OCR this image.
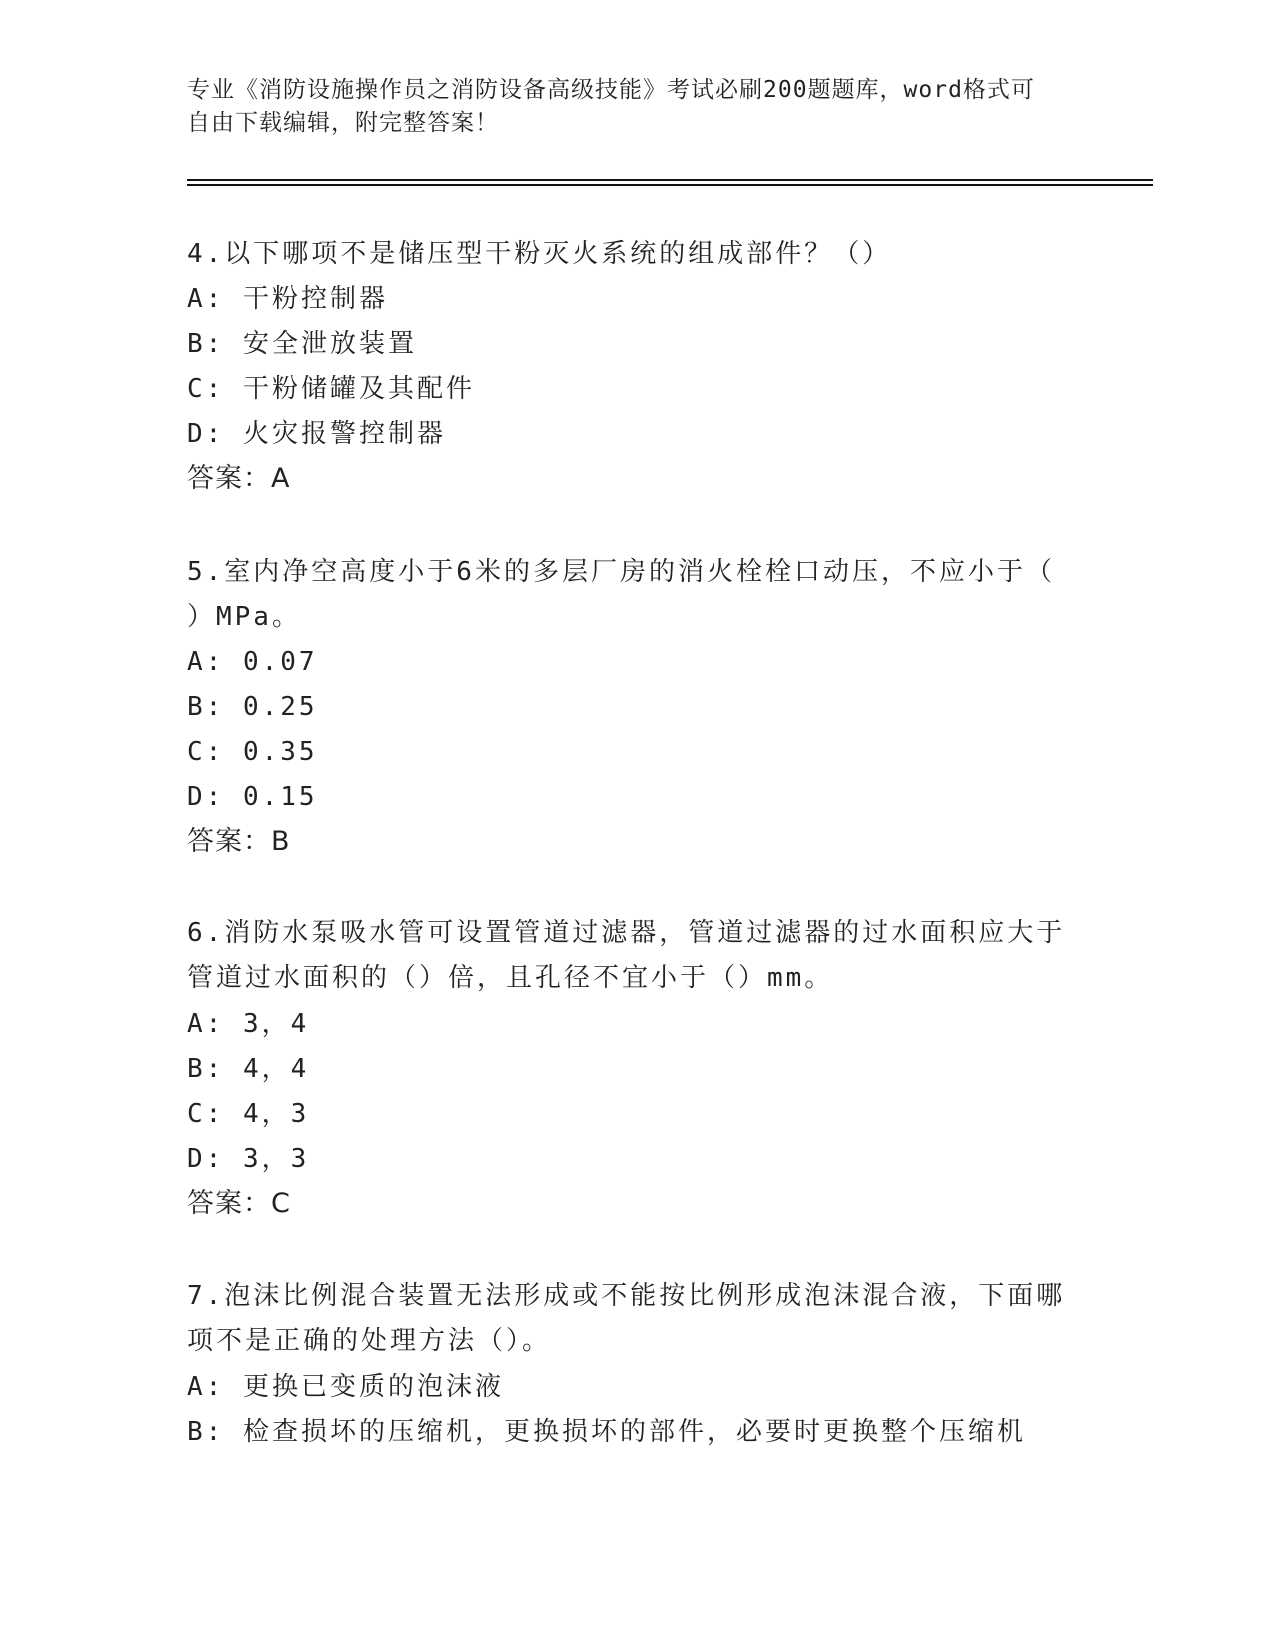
专业《消防设施操作员之消防设备高级技能》考试必刷200题题库，word格式可
自由下载编辑，附完整答案！
4.以下哪项不是储压型干粉灭火系统的组成部件？（）
A: 干粉控制器
B: 安全泄放装置
C: 干粉储罐及其配件
D: 火灾报警控制器
答案：A
5.室内净空高度小于6米的多层厂房的消火栓栓口动压，不应小于（
）MPa。
A: 0.07
B: 0.25
C: 0.35
D: 0.15
答案：B
6.消防水泵吸水管可设置管道过滤器，管道过滤器的过水面积应大于
管道过水面积的（）倍，且孔径不宜小于（）mm。
A: 3，4
B: 4，4
C: 4，3
D: 3，3
答案：C
7.泡沫比例混合装置无法形成或不能按比例形成泡沫混合液，下面哪
项不是正确的处理方法（）。
A: 更换已变质的泡沫液
B: 检查损坏的压缩机，更换损坏的部件，必要时更换整个压缩机
